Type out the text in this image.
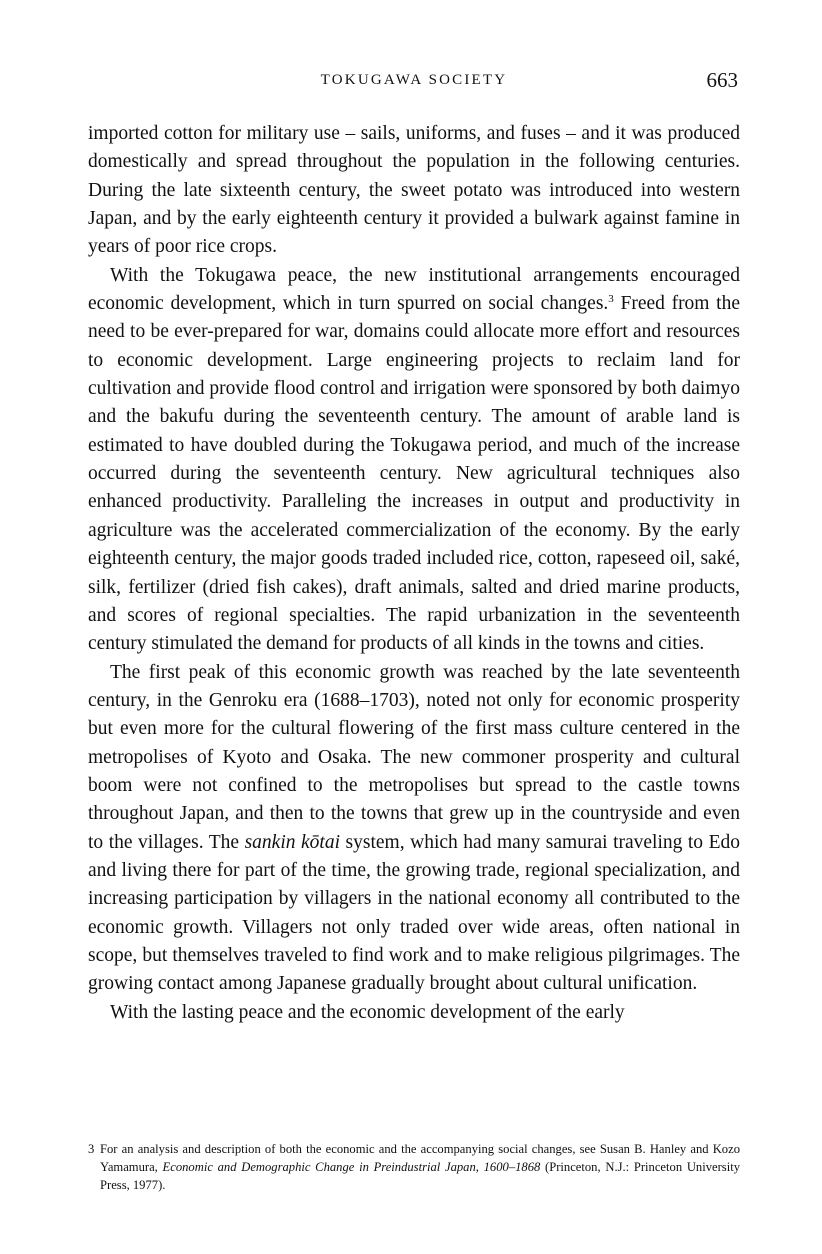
TOKUGAWA SOCIETY	663

imported cotton for military use – sails, uniforms, and fuses – and it was produced domestically and spread throughout the population in the following centuries. During the late sixteenth century, the sweet potato was introduced into western Japan, and by the early eighteenth century it provided a bulwark against famine in years of poor rice crops.

With the Tokugawa peace, the new institutional arrangements encouraged economic development, which in turn spurred on social changes.$^3$ Freed from the need to be ever-prepared for war, domains could allocate more effort and resources to economic development. Large engineering projects to reclaim land for cultivation and provide flood control and irrigation were sponsored by both daimyo and the bakufu during the seventeenth century. The amount of arable land is estimated to have doubled during the Tokugawa period, and much of the increase occurred during the seventeenth century. New agricultural techniques also enhanced productivity. Paralleling the increases in output and productivity in agriculture was the accelerated commercialization of the economy. By the early eighteenth century, the major goods traded included rice, cotton, rapeseed oil, saké, silk, fertilizer (dried fish cakes), draft animals, salted and dried marine products, and scores of regional specialties. The rapid urbanization in the seventeenth century stimulated the demand for products of all kinds in the towns and cities.

The first peak of this economic growth was reached by the late seventeenth century, in the Genroku era (1688–1703), noted not only for economic prosperity but even more for the cultural flowering of the first mass culture centered in the metropolises of Kyoto and Osaka. The new commoner prosperity and cultural boom were not confined to the metropolises but spread to the castle towns throughout Japan, and then to the towns that grew up in the countryside and even to the villages. The sankin kōtai system, which had many samurai traveling to Edo and living there for part of the time, the growing trade, regional specialization, and increasing participation by villagers in the national economy all contributed to the economic growth. Villagers not only traded over wide areas, often national in scope, but themselves traveled to find work and to make religious pilgrimages. The growing contact among Japanese gradually brought about cultural unification.

With the lasting peace and the economic development of the early

3 For an analysis and description of both the economic and the accompanying social changes, see Susan B. Hanley and Kozo Yamamura, Economic and Demographic Change in Preindustrial Japan, 1600–1868 (Princeton, N.J.: Princeton University Press, 1977).
